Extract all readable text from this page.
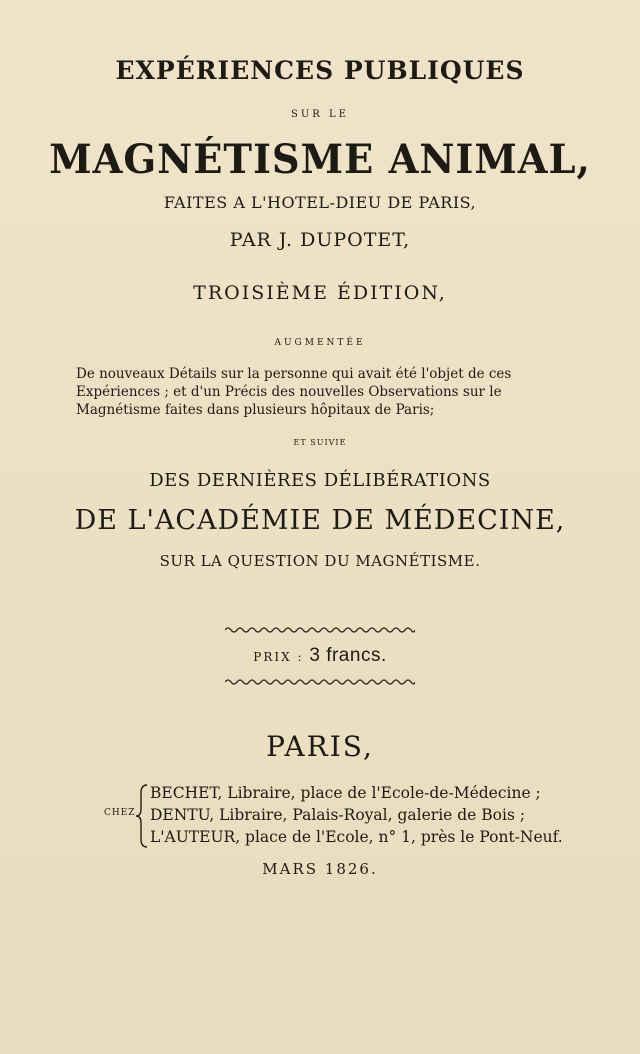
EXPÉRIENCES PUBLIQUES
SUR LE
MAGNÉTISME ANIMAL,
FAITES A L'HOTEL-DIEU DE PARIS,
PAR J. DUPOTET,
TROISIÈME ÉDITION,
AUGMENTÉE
De nouveaux Détails sur la personne qui avait été l'objet de ces
Expériences ; et d'un Précis des nouvelles Observations sur le
Magnétisme faites dans plusieurs hôpitaux de Paris;
ET SUIVIE
DES DERNIÈRES DÉLIBÉRATIONS
DE L'ACADÉMIE DE MÉDECINE,
SUR LA QUESTION DU MAGNÉTISME.
PRIX : 3 francs.
PARIS,
CHEZ
BECHET, Libraire, place de l'Ecole-de-Médecine ;
DENTU, Libraire, Palais-Royal, galerie de Bois ;
L'AUTEUR, place de l'Ecole, n° 1, près le Pont-Neuf.
MARS 1826.
